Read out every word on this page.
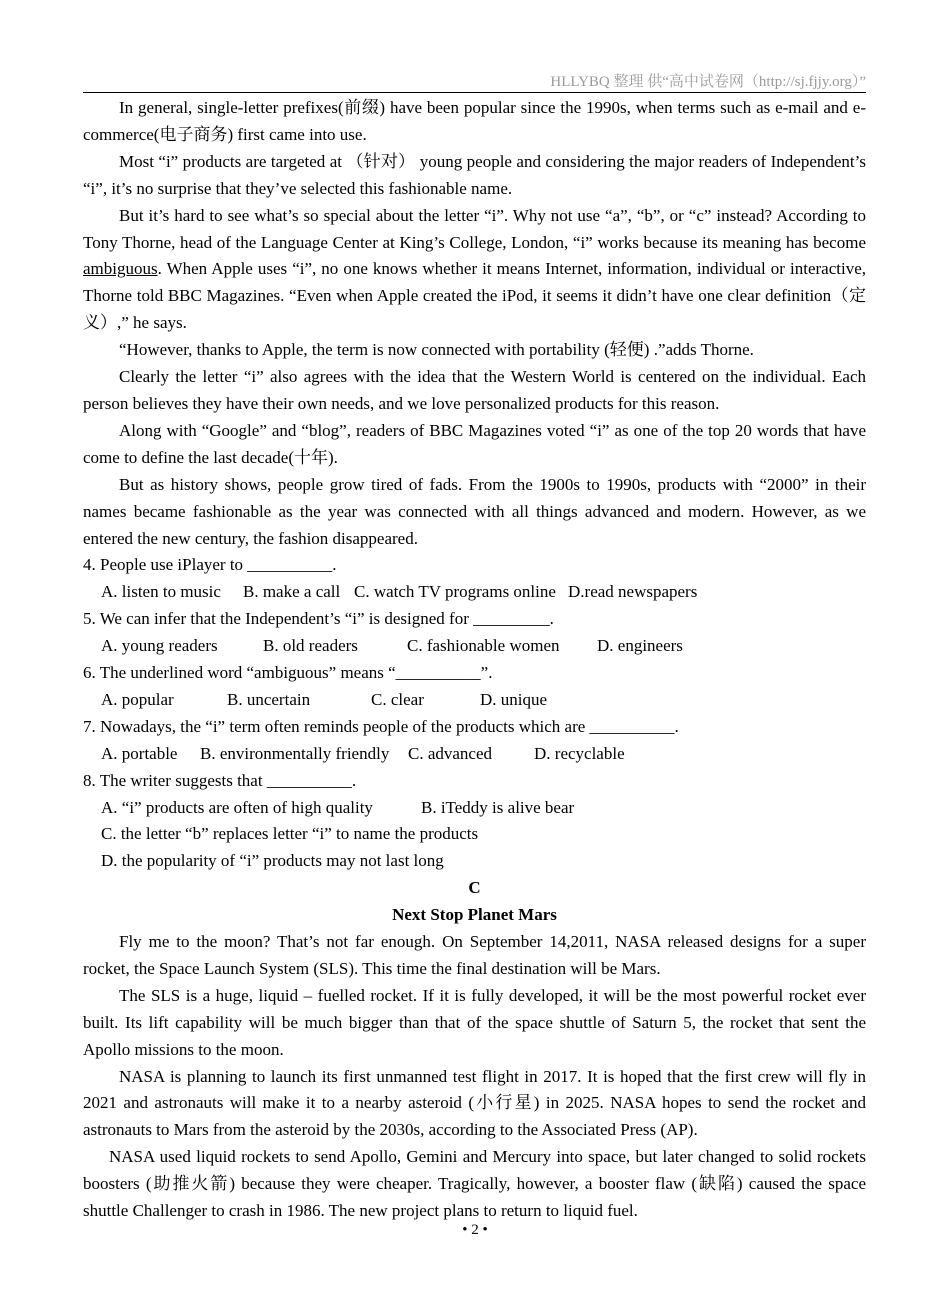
HLLYBQ 整理 供“高中试卷网（http://sj.fjjy.org）”

In general, single-letter prefixes(前缀) have been popular since the 1990s, when terms such as e-mail and e-commerce(电子商务) first came into use.

Most “i” products are targeted at （针对） young people and considering the major readers of Independent’s “i”, it’s no surprise that they’ve selected this fashionable name.

But it’s hard to see what’s so special about the letter “i”. Why not use “a”, “b”, or “c” instead? According to Tony Thorne, head of the Language Center at King’s College, London, “i” works because its meaning has become ambiguous. When Apple uses “i”, no one knows whether it means Internet, information, individual or interactive, Thorne told BBC Magazines. “Even when Apple created the iPod, it seems it didn’t have one clear definition（定义）,” he says.

“However, thanks to Apple, the term is now connected with portability (轻便) .”adds Thorne.

Clearly the letter “i” also agrees with the idea that the Western World is centered on the individual. Each person believes they have their own needs, and we love personalized products for this reason.

Along with “Google” and “blog”, readers of BBC Magazines voted “i” as one of the top 20 words that have come to define the last decade(十年).

But as history shows, people grow tired of fads. From the 1900s to 1990s, products with “2000” in their names became fashionable as the year was connected with all things advanced and modern. However, as we entered the new century, the fashion disappeared.

4. People use iPlayer to __________.

A. listen to music B. make a call C. watch TV programs online D.read newspapers

5. We can infer that the Independent’s “i” is designed for _________.

A. young readers	B. old readers	C. fashionable women D. engineers

6. The underlined word “ambiguous” means “__________”.

A. popular	B. uncertain	C. clear	D. unique

7. Nowadays, the “i” term often reminds people of the products which are __________.

A. portable B. environmentally friendly C. advanced D. recyclable

8. The writer suggests that __________.

A. “i” products are often of high quality	B. iTeddy is alive bear
C. the letter “b” replaces letter “i” to name the products
D. the popularity of “i” products may not last long
C
Next Stop Planet Mars

Fly me to the moon? That’s not far enough. On September 14,2011, NASA released designs for a super rocket, the Space Launch System (SLS). This time the final destination will be Mars.

The SLS is a huge, liquid – fuelled rocket. If it is fully developed, it will be the most powerful rocket ever built. Its lift capability will be much bigger than that of the space shuttle of Saturn 5, the rocket that sent the Apollo missions to the moon.

NASA is planning to launch its first unmanned test flight in 2017. It is hoped that the first crew will fly in 2021 and astronauts will make it to a nearby asteroid (小行星) in 2025. NASA hopes to send the rocket and astronauts to Mars from the asteroid by the 2030s, according to the Associated Press (AP).

NASA used liquid rockets to send Apollo, Gemini and Mercury into space, but later changed to solid rockets boosters (助推火箭) because they were cheaper. Tragically, however, a booster flaw (缺陷) caused the space shuttle Challenger to crash in 1986. The new project plans to return to liquid fuel.

• 2 •
